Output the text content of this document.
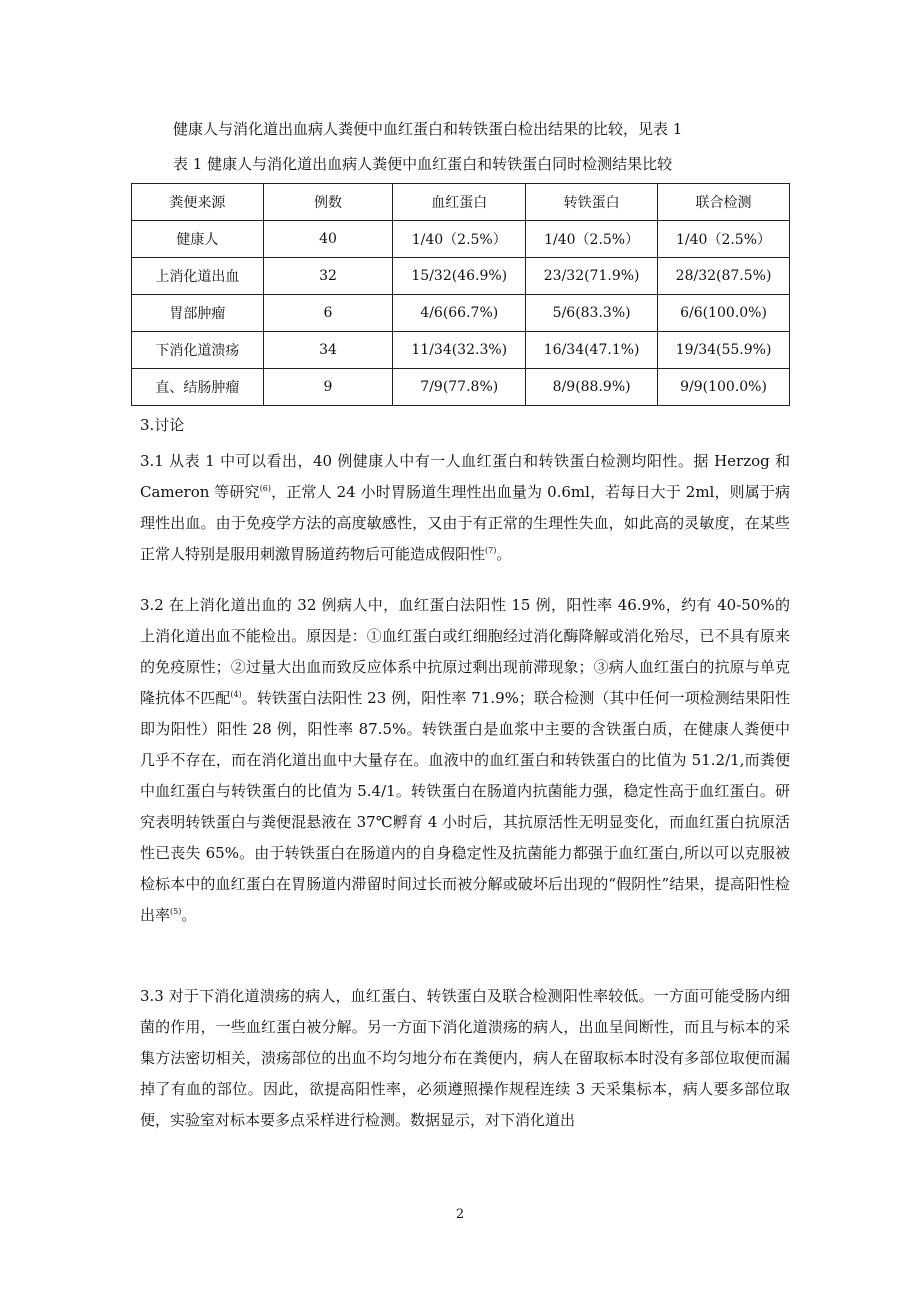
健康人与消化道出血病人粪便中血红蛋白和转铁蛋白检出结果的比较，见表 1
表 1 健康人与消化道出血病人粪便中血红蛋白和转铁蛋白同时检测结果比较
粪便来源	例数	血红蛋白	转铁蛋白	联合检测
健康人	40	1/40（2.5%）	1/40（2.5%）	1/40（2.5%）
上消化道出血	32	15/32(46.9%)	23/32(71.9%)	28/32(87.5%)
胃部肿瘤	6	4/6(66.7%)	5/6(83.3%)	6/6(100.0%)
下消化道溃疡	34	11/34(32.3%)	16/34(47.1%)	19/34(55.9%)
直、结肠肿瘤	9	7/9(77.8%)	8/9(88.9%)	9/9(100.0%)
3.讨论

3.1 从表 1 中可以看出，40 例健康人中有一人血红蛋白和转铁蛋白检测均阳性。据 Herzog 和 Cameron 等研究$^{(6)}$，正常人 24 小时胃肠道生理性出血量为 0.6ml，若每日大于 2ml，则属于病理性出血。由于免疫学方法的高度敏感性，又由于有正常的生理性失血，如此高的灵敏度，在某些正常人特别是服用刺激胃肠道药物后可能造成假阳性$^{(7)}$。

3.2 在上消化道出血的 32 例病人中，血红蛋白法阳性 15 例，阳性率 46.9%，约有 40-50%的上消化道出血不能检出。原因是：①血红蛋白或红细胞经过消化酶降解或消化殆尽，已不具有原来的免疫原性；②过量大出血而致反应体系中抗原过剩出现前滞现象；③病人血红蛋白的抗原与单克隆抗体不匹配$^{(4)}$。转铁蛋白法阳性 23 例，阳性率 71.9%；联合检测（其中任何一项检测结果阳性即为阳性）阳性 28 例，阳性率 87.5%。转铁蛋白是血浆中主要的含铁蛋白质，在健康人粪便中几乎不存在，而在消化道出血中大量存在。血液中的血红蛋白和转铁蛋白的比值为 51.2/1,而粪便中血红蛋白与转铁蛋白的比值为 5.4/1。转铁蛋白在肠道内抗菌能力强，稳定性高于血红蛋白。研究表明转铁蛋白与粪便混悬液在 37℃孵育 4 小时后，其抗原活性无明显变化，而血红蛋白抗原活性已丧失 65%。由于转铁蛋白在肠道内的自身稳定性及抗菌能力都强于血红蛋白,所以可以克服被检标本中的血红蛋白在胃肠道内滞留时间过长而被分解或破坏后出现的“假阴性”结果，提高阳性检出率$^{(5)}$。

3.3 对于下消化道溃疡的病人，血红蛋白、转铁蛋白及联合检测阳性率较低。一方面可能受肠内细菌的作用，一些血红蛋白被分解。另一方面下消化道溃疡的病人，出血呈间断性，而且与标本的采集方法密切相关，溃疡部位的出血不均匀地分布在粪便内，病人在留取标本时没有多部位取便而漏掉了有血的部位。因此，欲提高阳性率，必须遵照操作规程连续 3 天采集标本，病人要多部位取便，实验室对标本要多点采样进行检测。数据显示，对下消化道出

2
